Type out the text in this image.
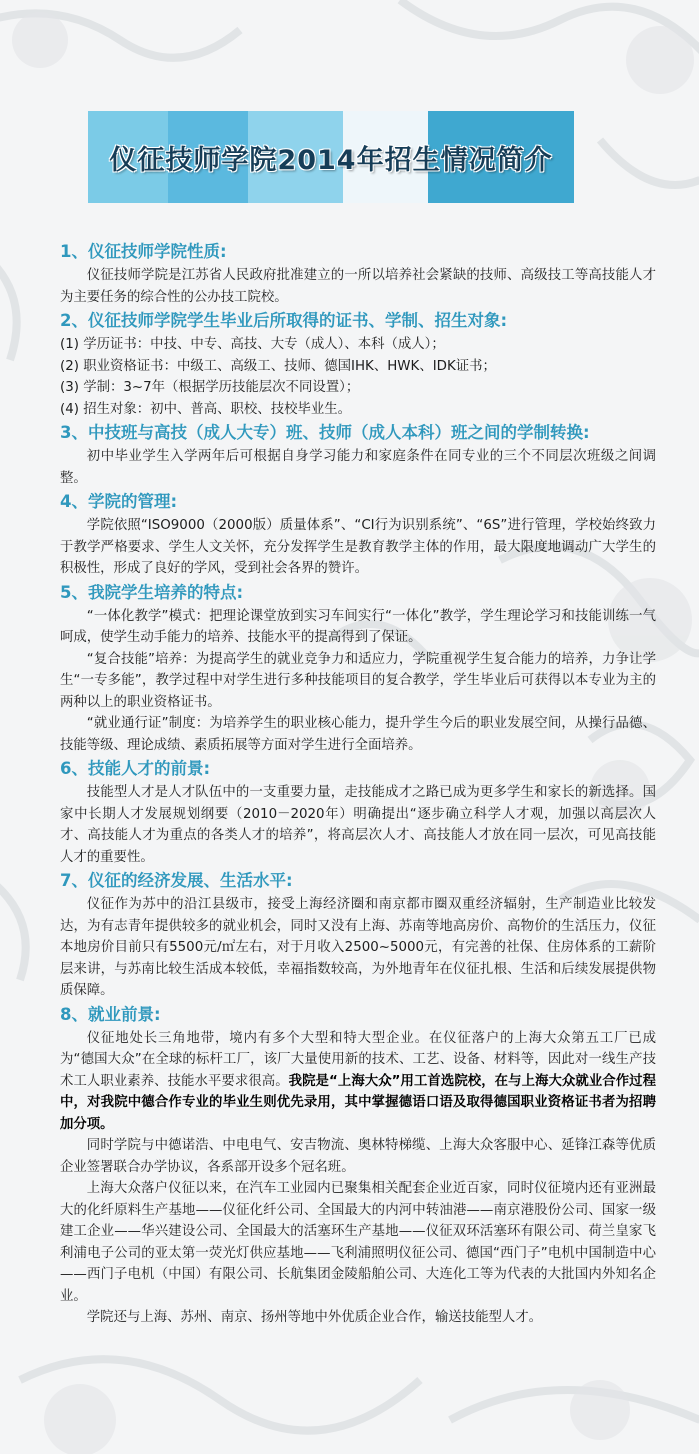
仪征技师学院2014年招生情况简介
1、仪征技师学院性质:

仪征技师学院是江苏省人民政府批准建立的一所以培养社会紧缺的技师、高级技工等高技能人才为主要任务的综合性的公办技工院校。

2、仪征技师学院学生毕业后所取得的证书、学制、招生对象:

(1) 学历证书：中技、中专、高技、大专（成人）、本科（成人）；

(2) 职业资格证书：中级工、高级工、技师、德国IHK、HWK、IDK证书；

(3) 学制：3~7年（根据学历技能层次不同设置）；

(4) 招生对象：初中、普高、职校、技校毕业生。

3、中技班与高技（成人大专）班、技师（成人本科）班之间的学制转换:

初中毕业学生入学两年后可根据自身学习能力和家庭条件在同专业的三个不同层次班级之间调整。

4、学院的管理:

学院依照“ISO9000（2000版）质量体系”、“CI行为识别系统”、“6S”进行管理，学校始终致力于教学严格要求、学生人文关怀，充分发挥学生是教育教学主体的作用，最大限度地调动广大学生的积极性，形成了良好的学风，受到社会各界的赞许。

5、我院学生培养的特点:

“一体化教学”模式：把理论课堂放到实习车间实行“一体化”教学，学生理论学习和技能训练一气呵成，使学生动手能力的培养、技能水平的提高得到了保证。

“复合技能”培养：为提高学生的就业竞争力和适应力，学院重视学生复合能力的培养，力争让学生“一专多能”，教学过程中对学生进行多种技能项目的复合教学，学生毕业后可获得以本专业为主的两种以上的职业资格证书。

“就业通行证”制度：为培养学生的职业核心能力，提升学生今后的职业发展空间，从操行品德、技能等级、理论成绩、素质拓展等方面对学生进行全面培养。

6、技能人才的前景:

技能型人才是人才队伍中的一支重要力量，走技能成才之路已成为更多学生和家长的新选择。国家中长期人才发展规划纲要（2010－2020年）明确提出“逐步确立科学人才观，加强以高层次人才、高技能人才为重点的各类人才的培养”，将高层次人才、高技能人才放在同一层次，可见高技能人才的重要性。

7、仪征的经济发展、生活水平:

仪征作为苏中的沿江县级市，接受上海经济圈和南京都市圈双重经济辐射，生产制造业比较发达，为有志青年提供较多的就业机会，同时又没有上海、苏南等地高房价、高物价的生活压力，仪征本地房价目前只有5500元/㎡左右，对于月收入2500~5000元，有完善的社保、住房体系的工薪阶层来讲，与苏南比较生活成本较低，幸福指数较高，为外地青年在仪征扎根、生活和后续发展提供物质保障。

8、就业前景:

仪征地处长三角地带，境内有多个大型和特大型企业。在仪征落户的上海大众第五工厂已成为“德国大众”在全球的标杆工厂，该厂大量使用新的技术、工艺、设备、材料等，因此对一线生产技术工人职业素养、技能水平要求很高。我院是“上海大众”用工首选院校，在与上海大众就业合作过程中，对我院中德合作专业的毕业生则优先录用，其中掌握德语口语及取得德国职业资格证书者为招聘加分项。

同时学院与中德诺浩、中电电气、安吉物流、奥林特梯缆、上海大众客服中心、延锋江森等优质企业签署联合办学协议，各系部开设多个冠名班。

上海大众落户仪征以来，在汽车工业园内已聚集相关配套企业近百家，同时仪征境内还有亚洲最大的化纤原料生产基地——仪征化纤公司、全国最大的内河中转油港——南京港股份公司、国家一级建工企业——华兴建设公司、全国最大的活塞环生产基地——仪征双环活塞环有限公司、荷兰皇家飞利浦电子公司的亚太第一荧光灯供应基地——飞利浦照明仪征公司、德国“西门子”电机中国制造中心——西门子电机（中国）有限公司、长航集团金陵船舶公司、大连化工等为代表的大批国内外知名企业。

学院还与上海、苏州、南京、扬州等地中外优质企业合作，输送技能型人才。
